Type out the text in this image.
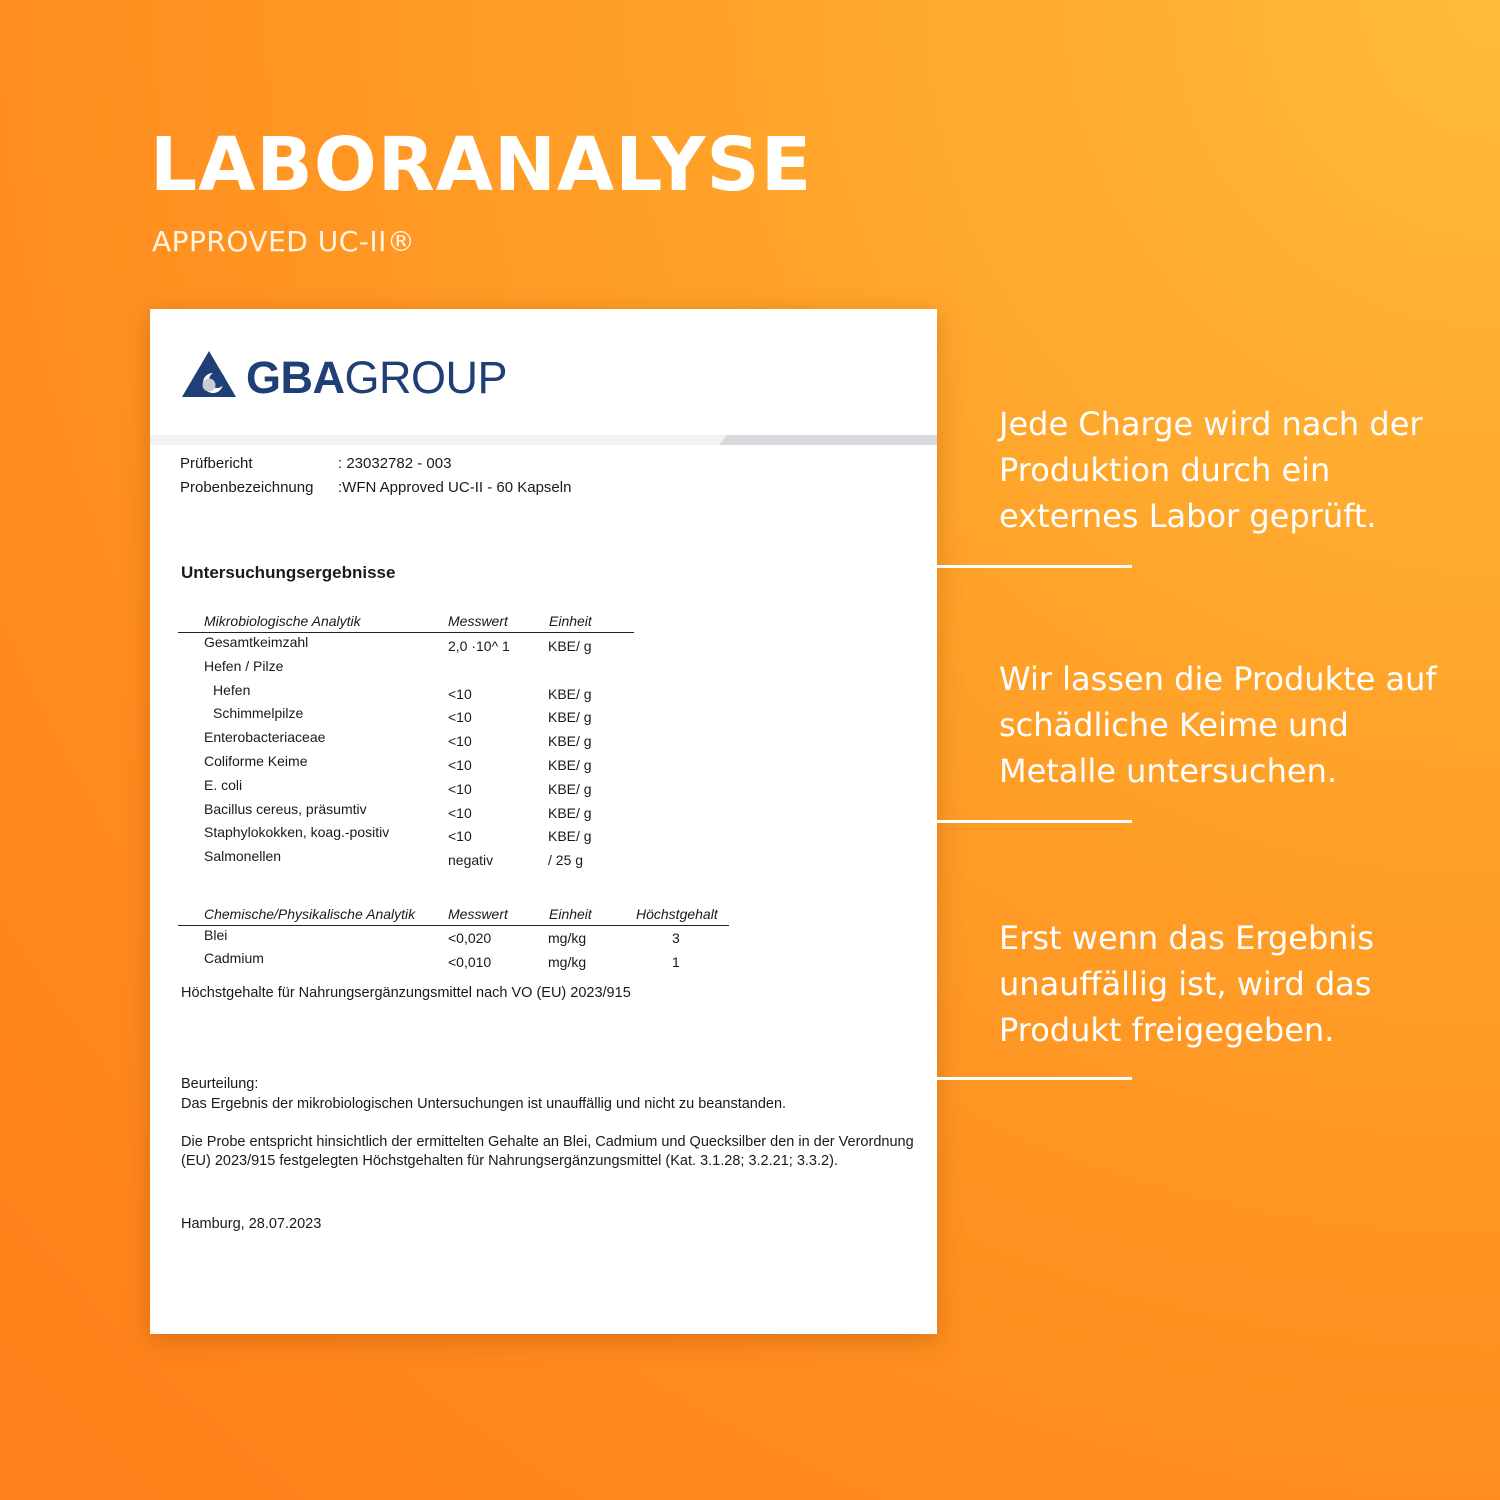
LABORANALYSE
APPROVED UC-II®
GBAGROUP
Prüfbericht	: 23032782 - 003
Probenbezeichnung :WFN Approved UC-II - 60 Kapseln
Untersuchungsergebnisse
Mikrobiologische Analytik	Messwert	Einheit
Gesamtkeimzahl	2,0 ·10^ 1	KBE/ g
Hefen / Pilze
Hefen	<10	KBE/ g
Schimmelpilze	<10	KBE/ g
Enterobacteriaceae	<10	KBE/ g
Coliforme Keime	<10	KBE/ g
E. coli	<10	KBE/ g
Bacillus cereus, präsumtiv	<10	KBE/ g
Staphylokokken, koag.-positiv	<10	KBE/ g
Salmonellen	negativ	/ 25 g
Chemische/Physikalische Analytik Messwert	Einheit	Höchstgehalt
Blei	<0,020	mg/kg	3
Cadmium	<0,010	mg/kg	1
Höchstgehalte für Nahrungsergänzungsmittel nach VO (EU) 2023/915
Beurteilung:
Das Ergebnis der mikrobiologischen Untersuchungen ist unauffällig und nicht zu beanstanden.
Die Probe entspricht hinsichtlich der ermittelten Gehalte an Blei, Cadmium und Quecksilber den in der Verordnung (EU) 2023/915 festgelegten Höchstgehalten für Nahrungsergänzungsmittel (Kat. 3.1.28; 3.2.21; 3.3.2).
Hamburg, 28.07.2023
Jede Charge wird nach der Produktion durch ein externes Labor geprüft.
Wir lassen die Produkte auf schädliche Keime und Metalle untersuchen.
Erst wenn das Ergebnis unauffällig ist, wird das Produkt freigegeben.
